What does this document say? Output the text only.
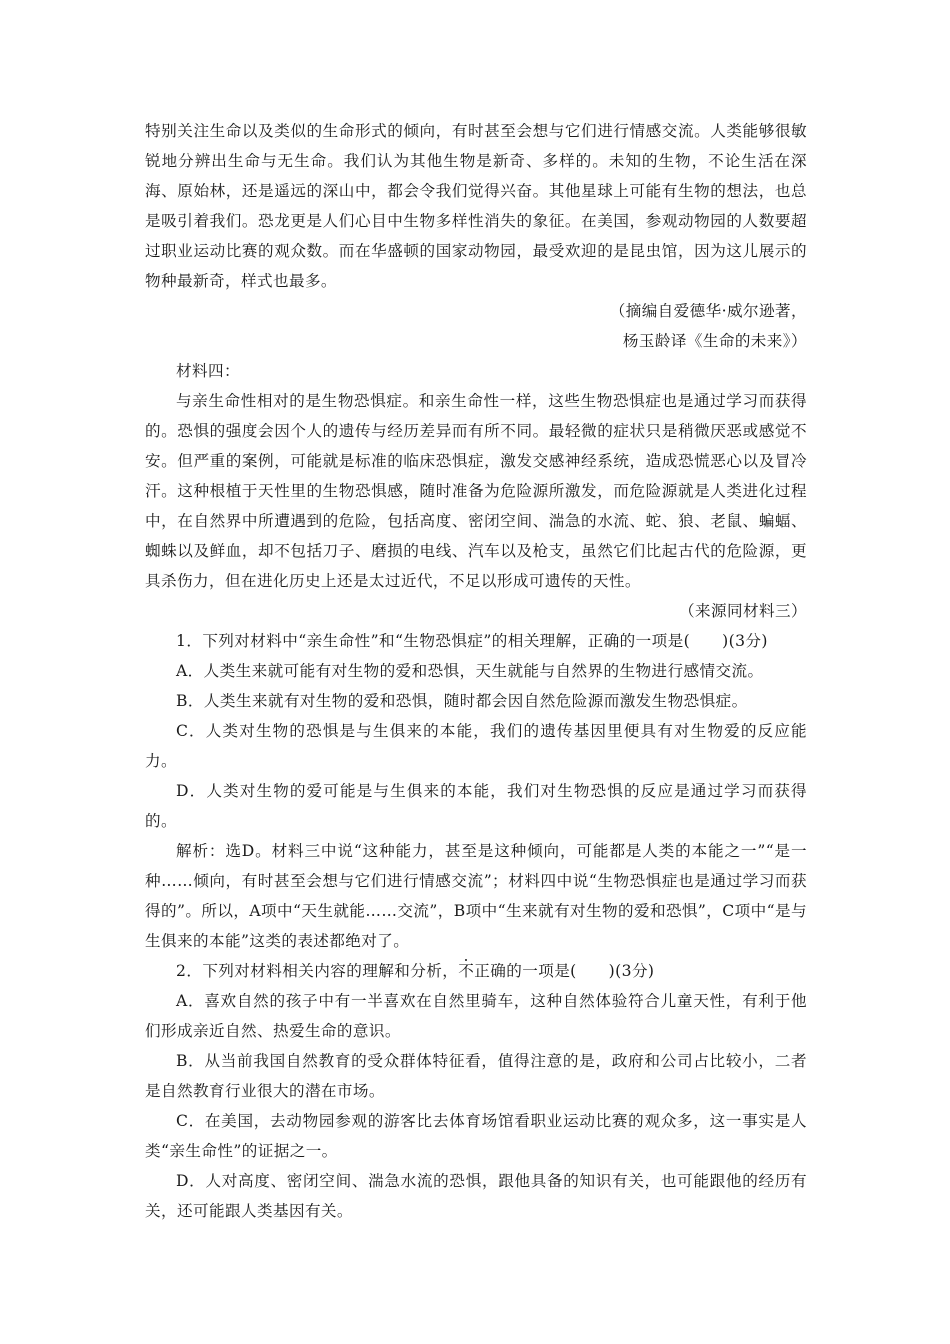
特别关注生命以及类似的生命形式的倾向，有时甚至会想与它们进行情感交流。人类能够很敏锐地分辨出生命与无生命。我们认为其他生物是新奇、多样的。未知的生物，不论生活在深海、原始林，还是遥远的深山中，都会令我们觉得兴奋。其他星球上可能有生物的想法，也总是吸引着我们。恐龙更是人们心目中生物多样性消失的象征。在美国，参观动物园的人数要超过职业运动比赛的观众数。而在华盛顿的国家动物园，最受欢迎的是昆虫馆，因为这儿展示的物种最新奇，样式也最多。

（摘编自爱德华·威尔逊著，

杨玉龄译《生命的未来》）

材料四：

与亲生命性相对的是生物恐惧症。和亲生命性一样，这些生物恐惧症也是通过学习而获得的。恐惧的强度会因个人的遗传与经历差异而有所不同。最轻微的症状只是稍微厌恶或感觉不安。但严重的案例，可能就是标准的临床恐惧症，激发交感神经系统，造成恐慌恶心以及冒冷汗。这种根植于天性里的生物恐惧感，随时准备为危险源所激发，而危险源就是人类进化过程中，在自然界中所遭遇到的危险，包括高度、密闭空间、湍急的水流、蛇、狼、老鼠、蝙蝠、蜘蛛以及鲜血，却不包括刀子、磨损的电线、汽车以及枪支，虽然它们比起古代的危险源，更具杀伤力，但在进化历史上还是太过近代，不足以形成可遗传的天性。

（来源同材料三）

1．下列对材料中“亲生命性”和“生物恐惧症”的相关理解，正确的一项是(　　)(3分)

A．人类生来就可能有对生物的爱和恐惧，天生就能与自然界的生物进行感情交流。

B．人类生来就有对生物的爱和恐惧，随时都会因自然危险源而激发生物恐惧症。

C．人类对生物的恐惧是与生俱来的本能，我们的遗传基因里便具有对生物爱的反应能力。

D．人类对生物的爱可能是与生俱来的本能，我们对生物恐惧的反应是通过学习而获得的。

解析：选D。材料三中说“这种能力，甚至是这种倾向，可能都是人类的本能之一”“是一种……倾向，有时甚至会想与它们进行情感交流”；材料四中说“生物恐惧症也是通过学习而获得的”。所以，A项中“天生就能……交流”，B项中“生来就有对生物的爱和恐惧”，C项中“是与生俱来的本能”这类的表述都绝对了。

2．下列对材料相关内容的理解和分析，不正确的一项是(　　)(3分)

A．喜欢自然的孩子中有一半喜欢在自然里骑车，这种自然体验符合儿童天性，有利于他们形成亲近自然、热爱生命的意识。

B．从当前我国自然教育的受众群体特征看，值得注意的是，政府和公司占比较小，二者是自然教育行业很大的潜在市场。

C．在美国，去动物园参观的游客比去体育场馆看职业运动比赛的观众多，这一事实是人类“亲生命性”的证据之一。

D．人对高度、密闭空间、湍急水流的恐惧，跟他具备的知识有关，也可能跟他的经历有关，还可能跟人类基因有关。
